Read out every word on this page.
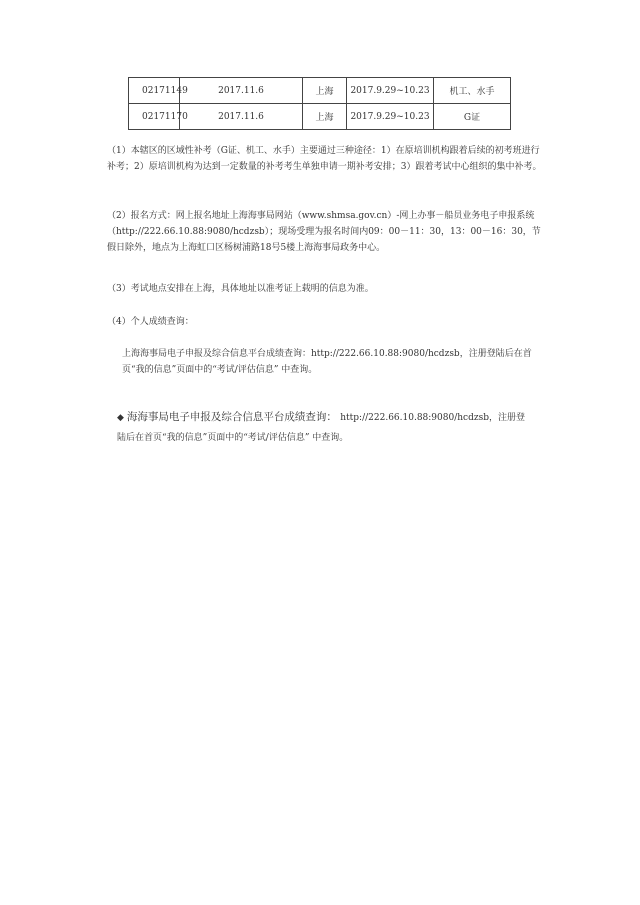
02171149	2017.11.6	上海	2017.9.29~10.23	机工、水手
02171170	2017.11.6	上海	2017.9.29~10.23	G证

（1）本辖区的区域性补考（G证、机工、水手）主要通过三种途径：1）在原培训机构跟着后续的初考班进行补考；2）原培训机构为达到一定数量的补考考生单独申请一期补考安排；3）跟着考试中心组织的集中补考。

（2）报名方式：网上报名地址上海海事局网站（www.shmsa.gov.cn）-网上办事－船员业务电子申报系统（http://222.66.10.88:9080/hcdzsb）；现场受理为报名时间内09：00－11：30，13：00－16：30，节假日除外，地点为上海虹口区杨树浦路18号5楼上海海事局政务中心。

（3）考试地点安排在上海，具体地址以准考证上载明的信息为准。

（4）个人成绩查询：

上海海事局电子申报及综合信息平台成绩查询：http://222.66.10.88:9080/hcdzsb，注册登陆后在首页“我的信息”页面中的“考试/评估信息” 中查询。

◆ 海海事局电子申报及综合信息平台成绩查询： http://222.66.10.88:9080/hcdzsb，注册登
陆后在首页“我的信息”页面中的“考试/评估信息” 中查询。
